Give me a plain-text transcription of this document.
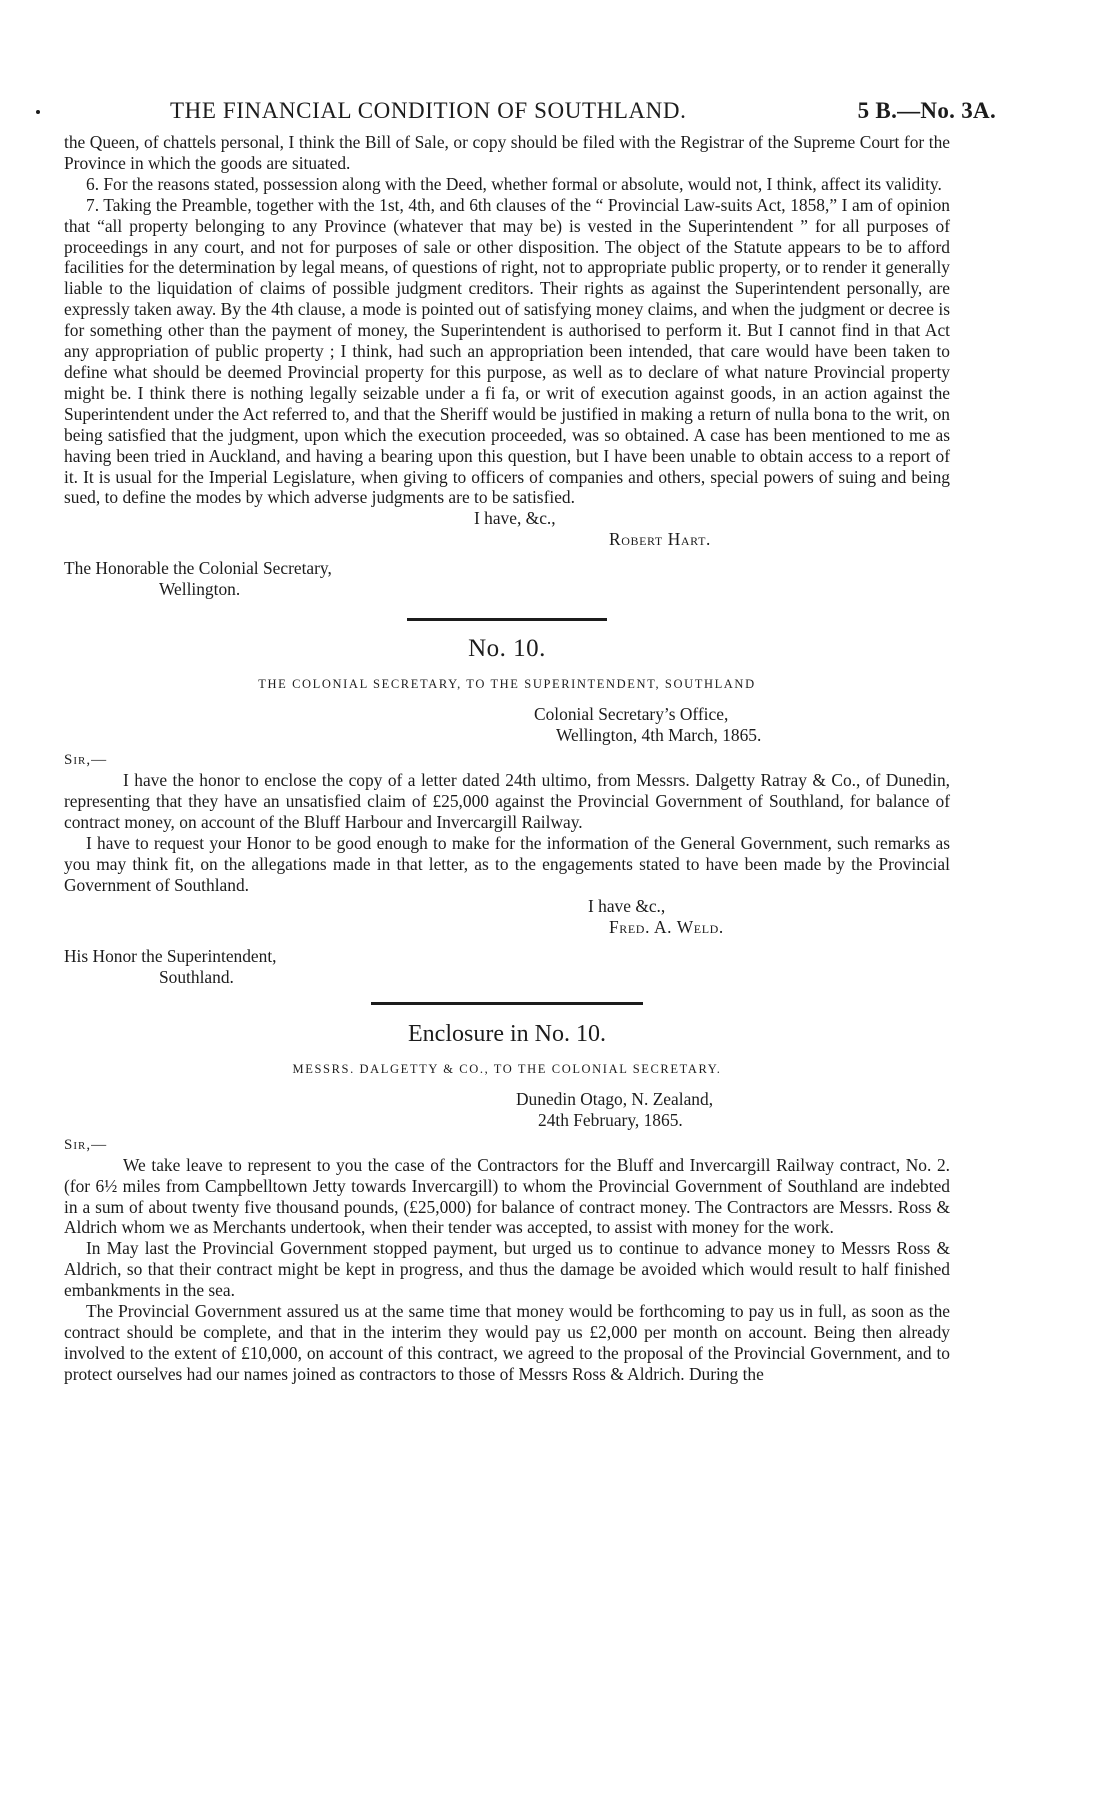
THE FINANCIAL CONDITION OF SOUTHLAND.	5 B.—No. 3A.

the Queen, of chattels personal, I think the Bill of Sale, or copy should be filed with the Registrar of the Supreme Court for the Province in which the goods are situated.

6. For the reasons stated, possession along with the Deed, whether formal or absolute, would not, I think, affect its validity.

7. Taking the Preamble, together with the 1st, 4th, and 6th clauses of the “ Provincial Law-suits Act, 1858,” I am of opinion that “all property belonging to any Province (whatever that may be) is vested in the Superintendent ” for all purposes of proceedings in any court, and not for purposes of sale or other disposition. The object of the Statute appears to be to afford facilities for the determination by legal means, of questions of right, not to appropriate public property, or to render it generally liable to the liquidation of claims of possible judgment creditors. Their rights as against the Superintendent personally, are expressly taken away. By the 4th clause, a mode is pointed out of satisfying money claims, and when the judgment or decree is for something other than the payment of money, the Superintendent is authorised to perform it. But I cannot find in that Act any appropriation of public property ; I think, had such an appropriation been intended, that care would have been taken to define what should be deemed Provincial property for this purpose, as well as to declare of what nature Provincial property might be. I think there is nothing legally seizable under a fi fa, or writ of execution against goods, in an action against the Superintendent under the Act referred to, and that the Sheriff would be justified in making a return of nulla bona to the writ, on being satisfied that the judgment, upon which the execution proceeded, was so obtained. A case has been mentioned to me as having been tried in Auckland, and having a bearing upon this question, but I have been unable to obtain access to a report of it. It is usual for the Imperial Legislature, when giving to officers of companies and others, special powers of suing and being sued, to define the modes by which adverse judgments are to be satisfied.

I have, &c.,
Robert Hart.
The Honorable the Colonial Secretary,
Wellington.
No. 10.
THE COLONIAL SECRETARY, TO THE SUPERINTENDENT, SOUTHLAND
Colonial Secretary’s Office,
Wellington, 4th March, 1865.
Sir,—

I have the honor to enclose the copy of a letter dated 24th ultimo, from Messrs. Dalgetty Ratray & Co., of Dunedin, representing that they have an unsatisfied claim of £25,000 against the Provincial Government of Southland, for balance of contract money, on account of the Bluff Harbour and Invercargill Railway.

I have to request your Honor to be good enough to make for the information of the General Government, such remarks as you may think fit, on the allegations made in that letter, as to the engagements stated to have been made by the Provincial Government of Southland.

I have &c.,
Fred. A. Weld.
His Honor the Superintendent,
Southland.
Enclosure in No. 10.
MESSRS. DALGETTY & CO., TO THE COLONIAL SECRETARY.
Dunedin Otago, N. Zealand,
24th February, 1865.
Sir,—

We take leave to represent to you the case of the Contractors for the Bluff and Invercargill Railway contract, No. 2. (for 6½ miles from Campbelltown Jetty towards Invercargill) to whom the Provincial Government of Southland are indebted in a sum of about twenty five thousand pounds, (£25,000) for balance of contract money. The Contractors are Messrs. Ross & Aldrich whom we as Merchants undertook, when their tender was accepted, to assist with money for the work.

In May last the Provincial Government stopped payment, but urged us to continue to advance money to Messrs Ross & Aldrich, so that their contract might be kept in progress, and thus the damage be avoided which would result to half finished embankments in the sea.

The Provincial Government assured us at the same time that money would be forthcoming to pay us in full, as soon as the contract should be complete, and that in the interim they would pay us £2,000 per month on account. Being then already involved to the extent of £10,000, on account of this contract, we agreed to the proposal of the Provincial Government, and to protect ourselves had our names joined as contractors to those of Messrs Ross & Aldrich. During the
